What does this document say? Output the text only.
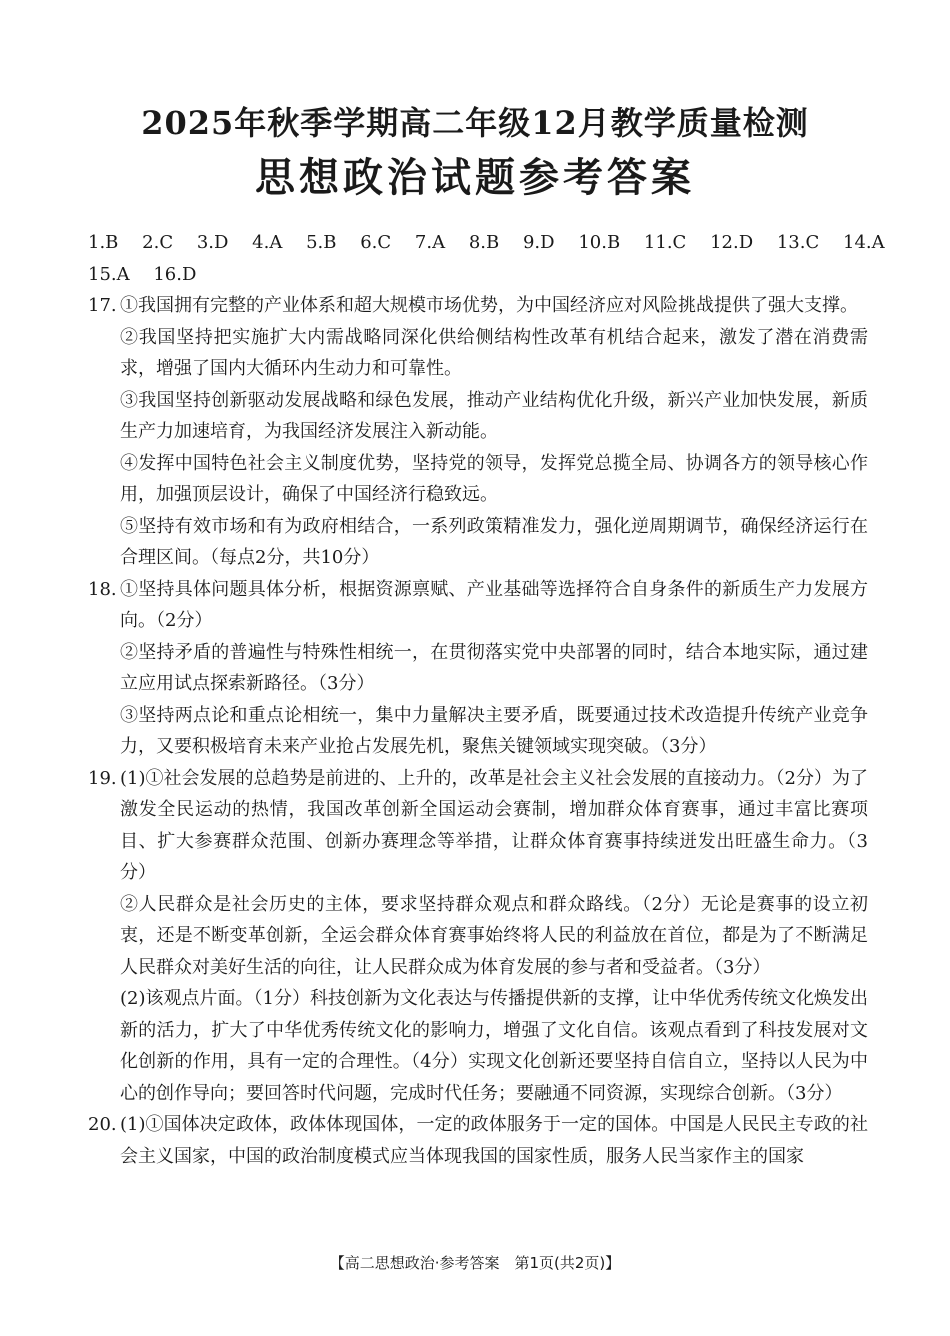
2025年秋季学期高二年级12月教学质量检测
思想政治试题参考答案
1.B 2.C 3.D 4.A 5.B 6.C 7.A 8.B 9.D 10.B 11.C 12.D 13.C 14.A
15.A 16.D
17. ①我国拥有完整的产业体系和超大规模市场优势，为中国经济应对风险挑战提供了强大支撑。
②我国坚持把实施扩大内需战略同深化供给侧结构性改革有机结合起来，激发了潜在消费需求，增强了国内大循环内生动力和可靠性。
③我国坚持创新驱动发展战略和绿色发展，推动产业结构优化升级，新兴产业加快发展，新质生产力加速培育，为我国经济发展注入新动能。
④发挥中国特色社会主义制度优势，坚持党的领导，发挥党总揽全局、协调各方的领导核心作用，加强顶层设计，确保了中国经济行稳致远。
⑤坚持有效市场和有为政府相结合，一系列政策精准发力，强化逆周期调节，确保经济运行在合理区间。（每点2分，共10分）
18. ①坚持具体问题具体分析，根据资源禀赋、产业基础等选择符合自身条件的新质生产力发展方向。（2分）
②坚持矛盾的普遍性与特殊性相统一，在贯彻落实党中央部署的同时，结合本地实际，通过建立应用试点探索新路径。（3分）
③坚持两点论和重点论相统一，集中力量解决主要矛盾，既要通过技术改造提升传统产业竞争力，又要积极培育未来产业抢占发展先机，聚焦关键领域实现突破。（3分）
19. (1)①社会发展的总趋势是前进的、上升的，改革是社会主义社会发展的直接动力。（2分）为了激发全民运动的热情，我国改革创新全国运动会赛制，增加群众体育赛事，通过丰富比赛项目、扩大参赛群众范围、创新办赛理念等举措，让群众体育赛事持续迸发出旺盛生命力。（3分）
②人民群众是社会历史的主体，要求坚持群众观点和群众路线。（2分）无论是赛事的设立初衷，还是不断变革创新，全运会群众体育赛事始终将人民的利益放在首位，都是为了不断满足人民群众对美好生活的向往，让人民群众成为体育发展的参与者和受益者。（3分）
(2)该观点片面。（1分）科技创新为文化表达与传播提供新的支撑，让中华优秀传统文化焕发出新的活力，扩大了中华优秀传统文化的影响力，增强了文化自信。该观点看到了科技发展对文化创新的作用，具有一定的合理性。（4分）实现文化创新还要坚持自信自立，坚持以人民为中心的创作导向；要回答时代问题，完成时代任务；要融通不同资源，实现综合创新。（3分）
20. (1)①国体决定政体，政体体现国体，一定的政体服务于一定的国体。中国是人民民主专政的社会主义国家，中国的政治制度模式应当体现我国的国家性质，服务人民当家作主的国家
【高二思想政治·参考答案　第1页(共2页)】
